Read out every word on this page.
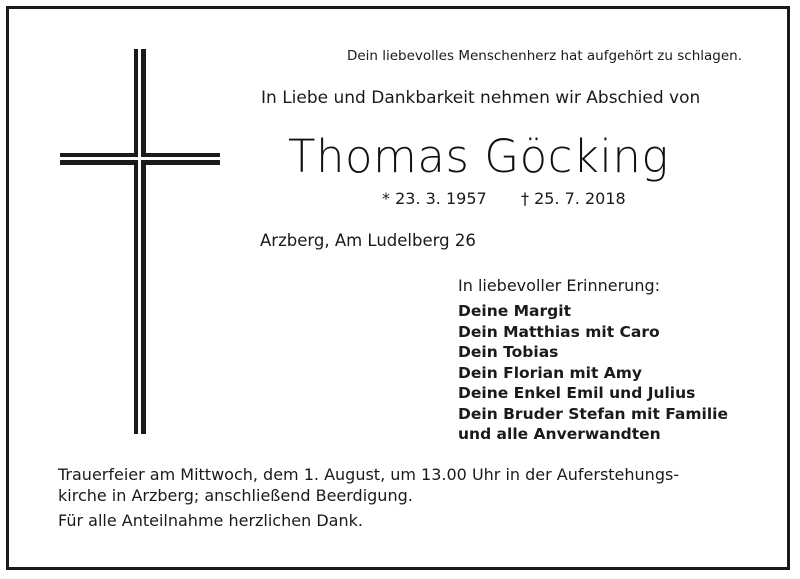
Dein liebevolles Menschenherz hat aufgehört zu schlagen.
In Liebe und Dankbarkeit nehmen wir Abschied von
Thomas Göcking
* 23. 3. 1957 † 25. 7. 2018
Arzberg, Am Ludelberg 26
In liebevoller Erinnerung:
Deine Margit
Dein Matthias mit Caro
Dein Tobias
Dein Florian mit Amy
Deine Enkel Emil und Julius
Dein Bruder Stefan mit Familie
und alle Anverwandten
Trauerfeier am Mittwoch, dem 1. August, um 13.00 Uhr in der Auferstehungs-
kirche in Arzberg; anschließend Beerdigung.
Für alle Anteilnahme herzlichen Dank.
